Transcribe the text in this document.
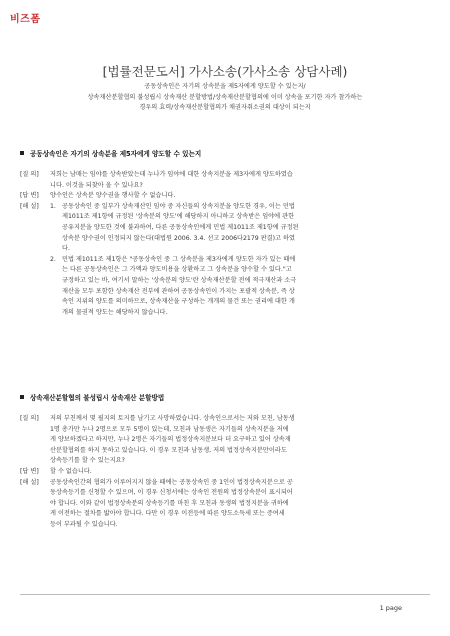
비즈폼
[법률전문도서] 가사소송(가사소송 상담사례)
공동상속인은 자기의 상속분을 제5자에게 양도할 수 있는지/
상속재산분할협의 불성립시 상속재산 분할방법/상속재산분할협의에 이미 상속을 포기한 자가 참가하는
경우의 효력/상속재산분할협의가 채권자취소권의 대상이 되는지
공동상속인은 자기의 상속분을 제5자에게 양도할 수 있는지
[질 의]	저희는 남매는 임야를 상속받았는데 누나가 임야에 대한 상속지분을 제3자에게 양도하였습
니다. 이것을 되찾아 올 수 있나요?
[답 변]	양수인은 상속분 양수권을 행사할 수 없습니다.
[해 설]	1. 공동상속인 중 일부가 상속재산인 임야 중 자신들의 상속지분을 양도한 경우, 이는 민법
제1011조 제1항에 규정된 '상속분의 양도'에 해당하지 아니하고 상속받은 임야에 관한
공유지분을 양도한 것에 불과하여, 다른 공동상속인에게 민법 제1011조 제1항에 규정된
상속분 양수권이 인정되지 않는다(대법원 2006. 3.4. 선고 2006다2179 판결)고 하였
다.
2. 민법 제1011조 제1항은 "공동상속인 중 그 상속분을 제3자에게 양도한 자가 있는 때에
는 다른 공동상속인은 그 가액과 양도비용을 상환하고 그 상속분을 양수할 수 있다."고
규정하고 있는 바, 여기서 말하는 '상속분의 양도'란 상속재산분할 전에 적극재산과 소극
재산을 모두 포함한 상속재산 전부에 관하여 공동상속인이 가지는 포괄적 상속분, 즉 상
속인 지위의 양도를 의미하므로, 상속재산을 구성하는 개개의 물건 또는 권리에 대한 개
개의 물권적 양도는 해당하지 않습니다.
상속재산분할협의 불성립시 상속재산 분할방법
[질 의]	저의 부친께서 몇 필지의 토지를 남기고 사망하였습니다. 상속인으로서는 저와 모친, 남동생
1명 총가만 누나 2명으로 모두 5명이 있는데, 모친과 남동생은 자기들의 상속지분을 저에
게 양보하겠다고 하지만, 누나 2명은 자기들의 법정상속지분보다 더 요구하고 있어 상속재
산분할협의를 하지 못하고 있습니다. 이 경우 모친과 남동생, 저의 법정상속지분만이라도
상속등기를 할 수 있는지요?
[답 변]	할 수 없습니다.
[해 설]	공동상속인간의 협의가 이루어지지 않을 때에는 공동상속인 중 1인이 법정상속지분으로 공
동상속등기를 신청할 수 있으며, 이 경우 신청서에는 상속인 전원의 법정상속분이 표시되어
야 합니다. 이와 같이 법정상속분의 상속등기를 마친 후 모친과 동생의 법정지분을 귀하에
게 이전하는 절차를 밟아야 합니다. 다만 이 경우 이전등에 따른 양도소득세 또는 증여세
등이 부과될 수 있습니다.
1 page
